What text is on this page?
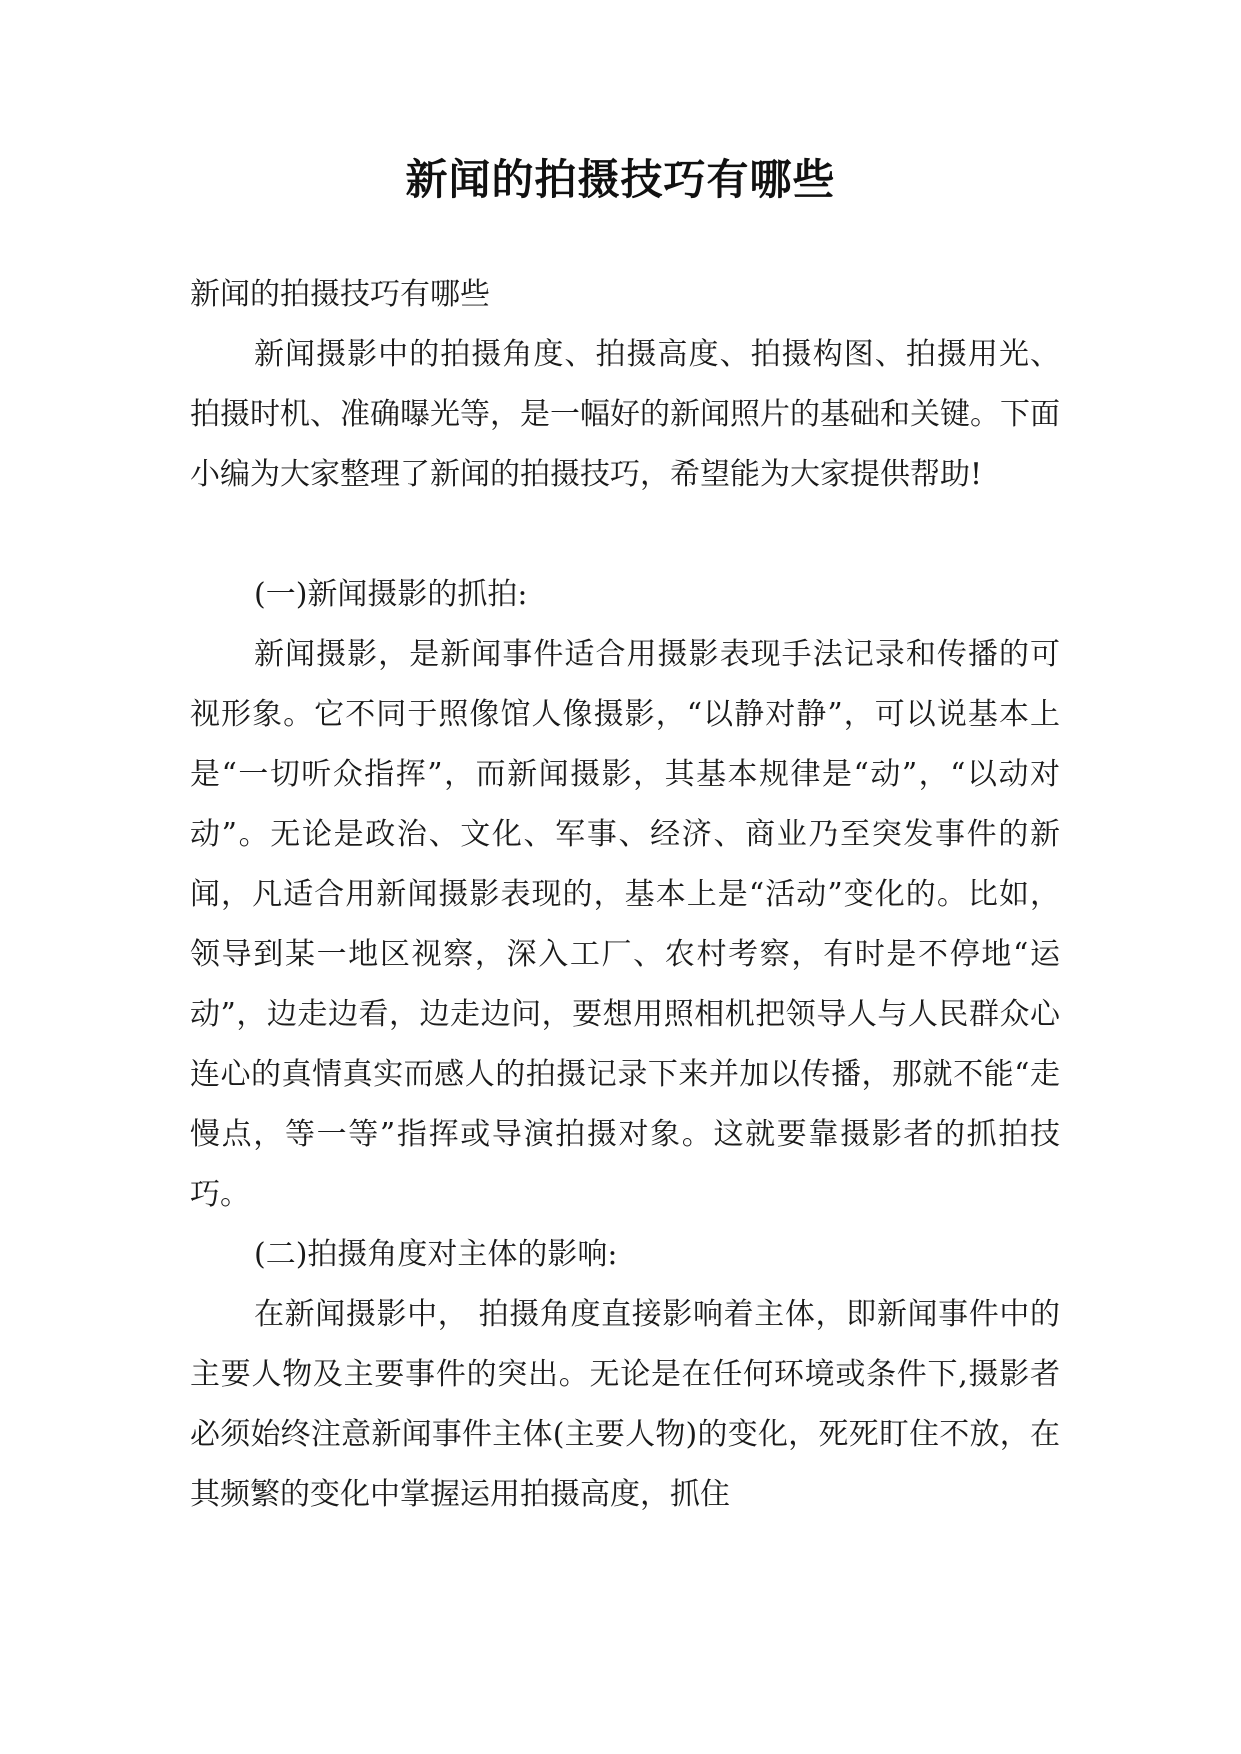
新闻的拍摄技巧有哪些

新闻的拍摄技巧有哪些

新闻摄影中的拍摄角度、拍摄高度、拍摄构图、拍摄用光、拍摄时机、准确曝光等，是一幅好的新闻照片的基础和关键。下面小编为大家整理了新闻的拍摄技巧，希望能为大家提供帮助!

(一)新闻摄影的抓拍:

新闻摄影，是新闻事件适合用摄影表现手法记录和传播的可视形象。它不同于照像馆人像摄影，“以静对静”，可以说基本上是“一切听众指挥”，而新闻摄影，其基本规律是“动”，“以动对动”。无论是政治、文化、军事、经济、商业乃至突发事件的新闻，凡适合用新闻摄影表现的，基本上是“活动”变化的。比如，领导到某一地区视察，深入工厂、农村考察，有时是不停地“运动”，边走边看，边走边问，要想用照相机把领导人与人民群众心连心的真情真实而感人的拍摄记录下来并加以传播，那就不能“走慢点，等一等”指挥或导演拍摄对象。这就要靠摄影者的抓拍技巧。

(二)拍摄角度对主体的影响:

在新闻摄影中， 拍摄角度直接影响着主体，即新闻事件中的主要人物及主要事件的突出。无论是在任何环境或条件下,摄影者必须始终注意新闻事件主体(主要人物)的变化，死死盯住不放，在其频繁的变化中掌握运用拍摄高度，抓住
